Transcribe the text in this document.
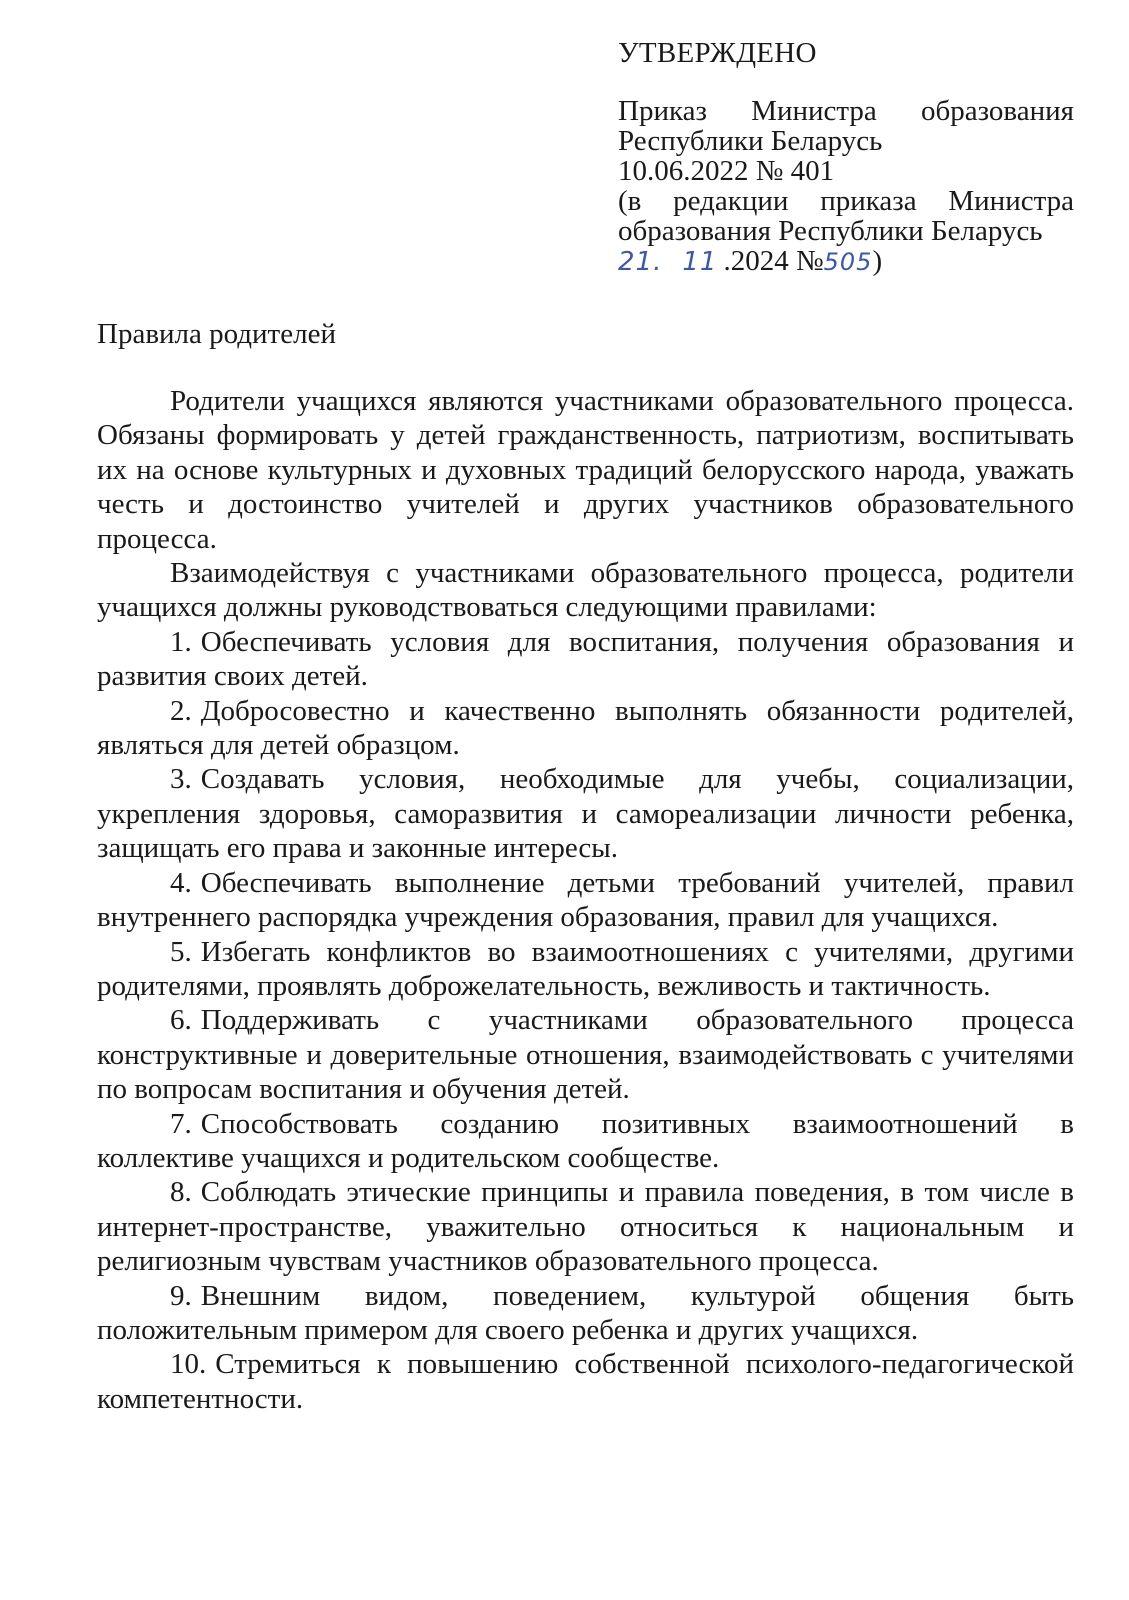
УТВЕРЖДЕНО

Приказ Министра образования

Республики Беларусь

10.06.2022 № 401

(в редакции приказа Министра

образования Республики Беларусь

21. 11 .2024 № 505 )

Правила родителей

Родители учащихся являются участниками образовательного процесса. Обязаны формировать у детей гражданственность, патриотизм, воспитывать их на основе культурных и духовных традиций белорусского народа, уважать честь и достоинство учителей и других участников образовательного процесса.

Взаимодействуя с участниками образовательного процесса, родители учащихся должны руководствоваться следующими правилами:

1. Обеспечивать условия для воспитания, получения образования и развития своих детей.
2. Добросовестно и качественно выполнять обязанности родителей, являться для детей образцом.
3. Создавать условия, необходимые для учебы, социализации, укрепления здоровья, саморазвития и самореализации личности ребенка, защищать его права и законные интересы.
4. Обеспечивать выполнение детьми требований учителей, правил внутреннего распорядка учреждения образования, правил для учащихся.
5. Избегать конфликтов во взаимоотношениях с учителями, другими родителями, проявлять доброжелательность, вежливость и тактичность.
6. Поддерживать с участниками образовательного процесса конструктивные и доверительные отношения, взаимодействовать с учителями по вопросам воспитания и обучения детей.
7. Способствовать созданию позитивных взаимоотношений в коллективе учащихся и родительском сообществе.
8. Соблюдать этические принципы и правила поведения, в том числе в интернет-пространстве, уважительно относиться к национальным и религиозным чувствам участников образовательного процесса.
9. Внешним видом, поведением, культурой общения быть положительным примером для своего ребенка и других учащихся.
10. Стремиться к повышению собственной психолого-педагогической компетентности.
